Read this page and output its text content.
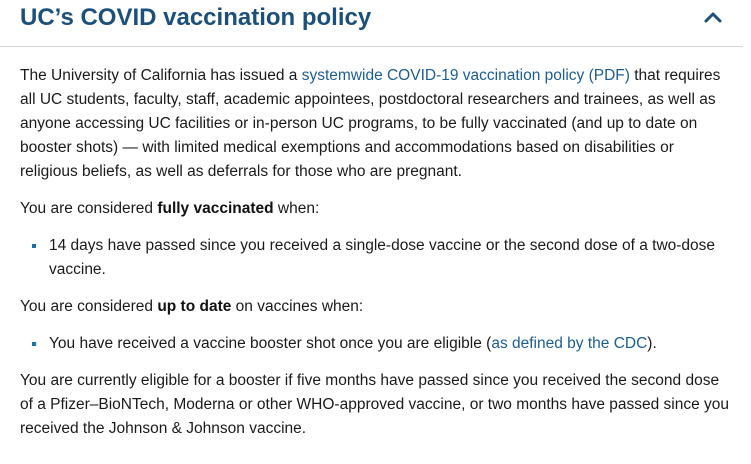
UC’s COVID vaccination policy

The University of California has issued a systemwide COVID-19 vaccination policy (PDF) that requires all UC students, faculty, staff, academic appointees, postdoctoral researchers and trainees, as well as anyone accessing UC facilities or in-person UC programs, to be fully vaccinated (and up to date on booster shots) — with limited medical exemptions and accommodations based on disabilities or religious beliefs, as well as deferrals for those who are pregnant.

You are considered fully vaccinated when:

14 days have passed since you received a single-dose vaccine or the second dose of a two-dose vaccine.

You are considered up to date on vaccines when:

You have received a vaccine booster shot once you are eligible (as defined by the CDC).

You are currently eligible for a booster if five months have passed since you received the second dose of a Pfizer–BioNTech, Moderna or other WHO-approved vaccine, or two months have passed since you received the Johnson & Johnson vaccine.
